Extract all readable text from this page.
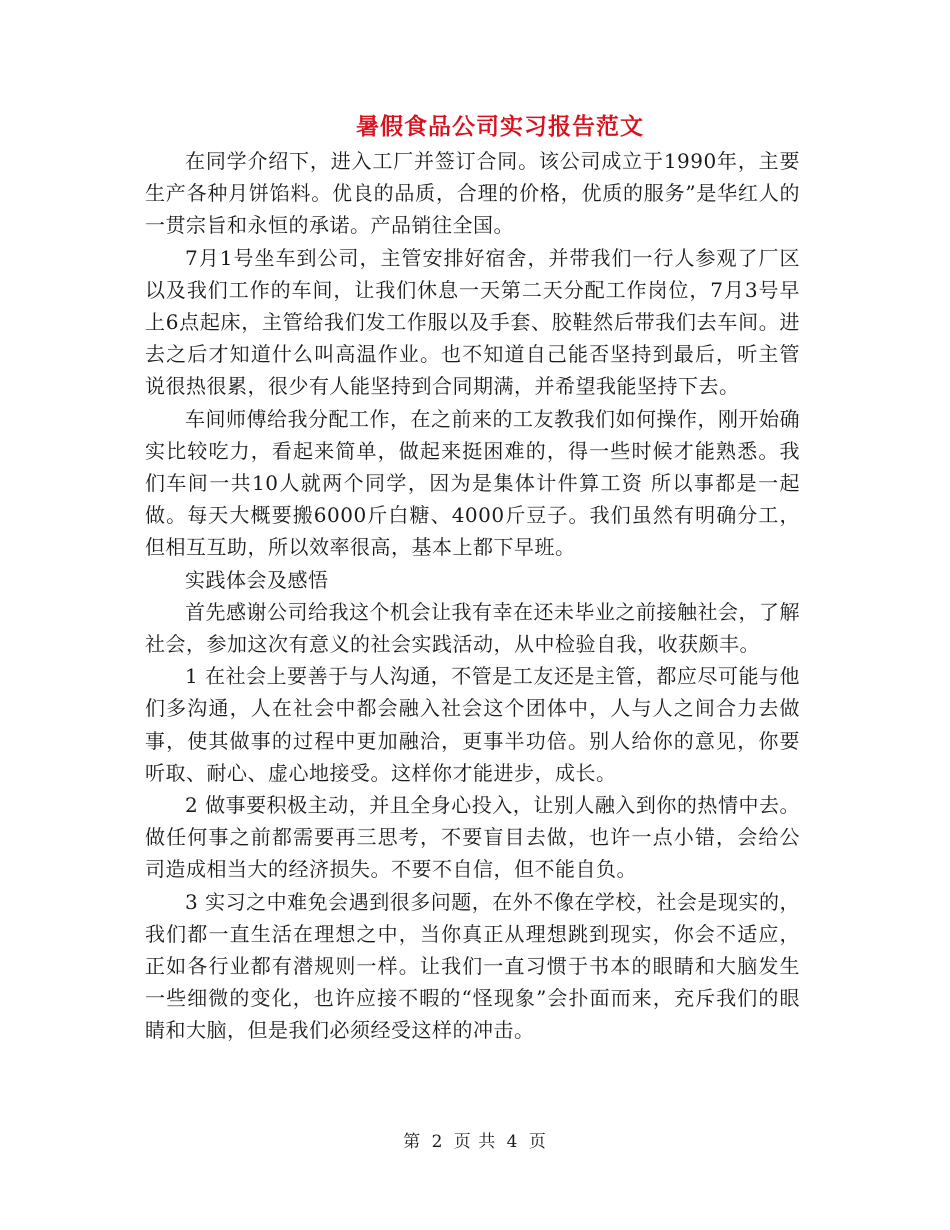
暑假食品公司实习报告范文

在同学介绍下，进入工厂并签订合同。该公司成立于1990年，主要生产各种月饼馅料。优良的品质，合理的价格，优质的服务”是华红人的一贯宗旨和永恒的承诺。产品销往全国。

7月1号坐车到公司，主管安排好宿舍，并带我们一行人参观了厂区以及我们工作的车间，让我们休息一天第二天分配工作岗位，7月3号早上6点起床，主管给我们发工作服以及手套、胶鞋然后带我们去车间。进去之后才知道什么叫高温作业。也不知道自己能否坚持到最后，听主管说很热很累，很少有人能坚持到合同期满，并希望我能坚持下去。

车间师傅给我分配工作，在之前来的工友教我们如何操作，刚开始确实比较吃力，看起来简单，做起来挺困难的，得一些时候才能熟悉。我们车间一共10人就两个同学，因为是集体计件算工资 所以事都是一起做。每天大概要搬6000斤白糖、4000斤豆子。我们虽然有明确分工，但相互互助，所以效率很高，基本上都下早班。

实践体会及感悟

首先感谢公司给我这个机会让我有幸在还未毕业之前接触社会，了解社会，参加这次有意义的社会实践活动，从中检验自我，收获颇丰。

1 在社会上要善于与人沟通，不管是工友还是主管，都应尽可能与他们多沟通，人在社会中都会融入社会这个团体中，人与人之间合力去做事，使其做事的过程中更加融洽，更事半功倍。别人给你的意见，你要听取、耐心、虚心地接受。这样你才能进步，成长。

2 做事要积极主动，并且全身心投入，让别人融入到你的热情中去。做任何事之前都需要再三思考，不要盲目去做，也许一点小错，会给公司造成相当大的经济损失。不要不自信，但不能自负。

3 实习之中难免会遇到很多问题，在外不像在学校，社会是现实的，我们都一直生活在理想之中，当你真正从理想跳到现实，你会不适应，正如各行业都有潜规则一样。让我们一直习惯于书本的眼睛和大脑发生一些细微的变化，也许应接不暇的“怪现象”会扑面而来，充斥我们的眼睛和大脑，但是我们必须经受这样的冲击。

第 2 页 共 4 页
